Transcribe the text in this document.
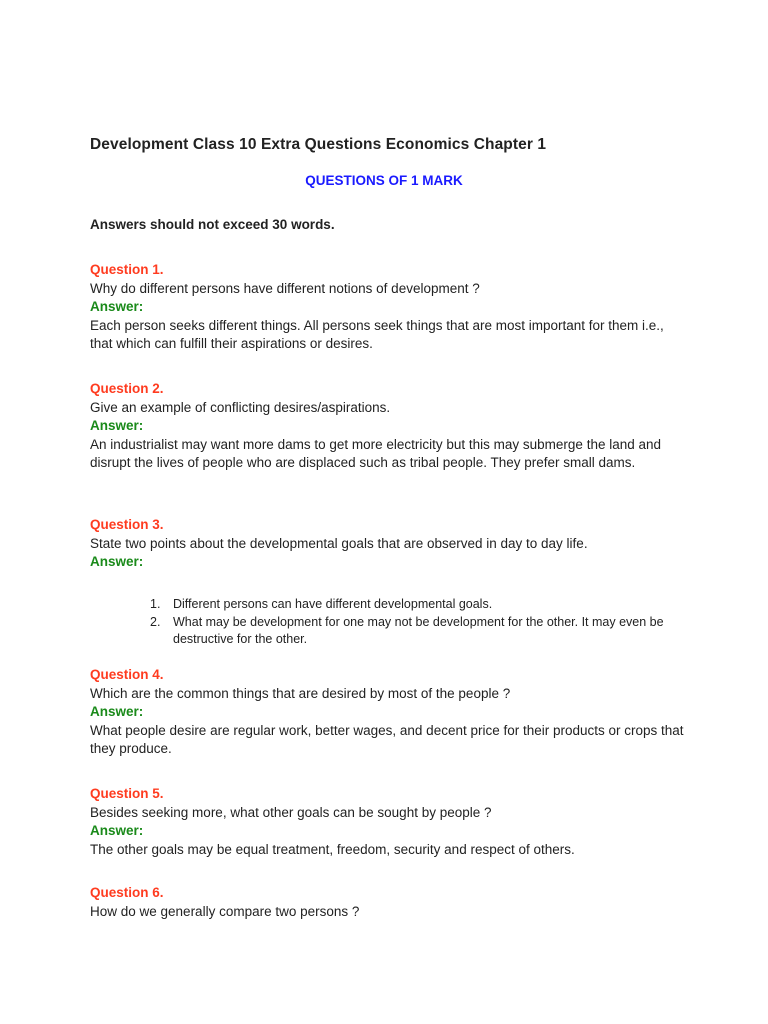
Development Class 10 Extra Questions Economics Chapter 1
QUESTIONS OF 1 MARK
Answers should not exceed 30 words.
Question 1.
Why do different persons have different notions of development ?
Answer:
Each person seeks different things. All persons seek things that are most important for them i.e., that which can fulfill their aspirations or desires.
Question 2.
Give an example of conflicting desires/aspirations.
Answer:
An industrialist may want more dams to get more electricity but this may submerge the land and disrupt the lives of people who are displaced such as tribal people. They prefer small dams.
Question 3.
State two points about the developmental goals that are observed in day to day life.
Answer:
1. Different persons can have different developmental goals.
2. What may be development for one may not be development for the other. It may even be destructive for the other.
Question 4.
Which are the common things that are desired by most of the people ?
Answer:
What people desire are regular work, better wages, and decent price for their products or crops that they produce.
Question 5.
Besides seeking more, what other goals can be sought by people ?
Answer:
The other goals may be equal treatment, freedom, security and respect of others.
Question 6.
How do we generally compare two persons ?
